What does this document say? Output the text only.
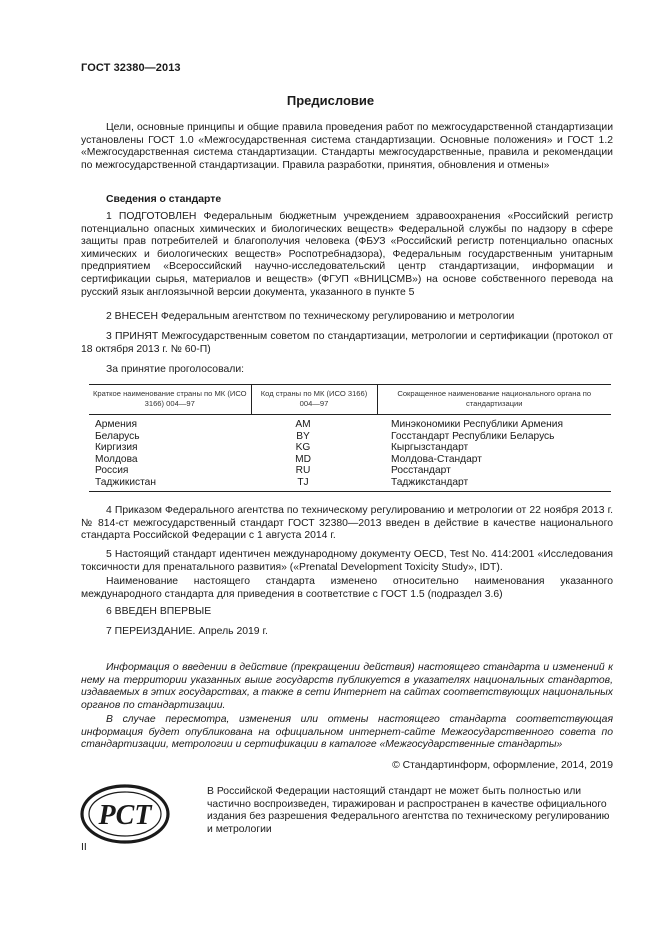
ГОСТ 32380—2013
Предисловие

Цели, основные принципы и общие правила проведения работ по межгосударственной стандартизации установлены ГОСТ 1.0 «Межгосударственная система стандартизации. Основные положения» и ГОСТ 1.2 «Межгосударственная система стандартизации. Стандарты межгосударственные, правила и рекомендации по межгосударственной стандартизации. Правила разработки, принятия, обновления и отмены»

Сведения о стандарте

1 ПОДГОТОВЛЕН Федеральным бюджетным учреждением здравоохранения «Российский регистр потенциально опасных химических и биологических веществ» Федеральной службы по надзору в сфере защиты прав потребителей и благополучия человека (ФБУЗ «Российский регистр потенциально опасных химических и биологических веществ» Роспотребнадзора), Федеральным государственным унитарным предприятием «Всероссийский научно-исследовательский центр стандартизации, информации и сертификации сырья, материалов и веществ» (ФГУП «ВНИЦСМВ») на основе собственного перевода на русский язык англоязычной версии документа, указанного в пункте 5

2 ВНЕСЕН Федеральным агентством по техническому регулированию и метрологии

3 ПРИНЯТ Межгосударственным советом по стандартизации, метрологии и сертификации (протокол от 18 октября 2013 г. № 60-П)

За принятие проголосовали:

Краткое наименование страны по МК (ИСО 3166) 004—97	Код страны по МК (ИСО 3166) 004—97	Сокращенное наименование национального органа по стандартизации
Армения	AM	Минэкономики Республики Армения
Беларусь	BY	Госстандарт Республики Беларусь
Киргизия	KG	Кыргызстандарт
Молдова	MD	Молдова-Стандарт
Россия	RU	Росстандарт
Таджикистан	TJ	Таджикстандарт

4 Приказом Федерального агентства по техническому регулированию и метрологии от 22 ноября 2013 г. № 814-ст межгосударственный стандарт ГОСТ 32380—2013 введен в действие в качестве национального стандарта Российской Федерации с 1 августа 2014 г.

5 Настоящий стандарт идентичен международному документу OECD, Test No. 414:2001 «Исследования токсичности для пренатального развития» («Prenatal Development Toxicity Study», IDT).

Наименование настоящего стандарта изменено относительно наименования указанного международного стандарта для приведения в соответствие с ГОСТ 1.5 (подраздел 3.6)

6 ВВЕДЕН ВПЕРВЫЕ

7 ПЕРЕИЗДАНИЕ. Апрель 2019 г.

Информация о введении в действие (прекращении действия) настоящего стандарта и изменений к нему на территории указанных выше государств публикуется в указателях национальных стандартов, издаваемых в этих государствах, а также в сети Интернет на сайтах соответствующих национальных органов по стандартизации.

В случае пересмотра, изменения или отмены настоящего стандарта соответствующая информация будет опубликована на официальном интернет-сайте Межгосударственного совета по стандартизации, метрологии и сертификации в каталоге «Межгосударственные стандарты»

© Стандартинформ, оформление, 2014, 2019
РСТ

В Российской Федерации настоящий стандарт не может быть полностью или частично воспроизведен, тиражирован и распространен в качестве официального издания без разрешения Федерального агентства по техническому регулированию и метрологии

II
